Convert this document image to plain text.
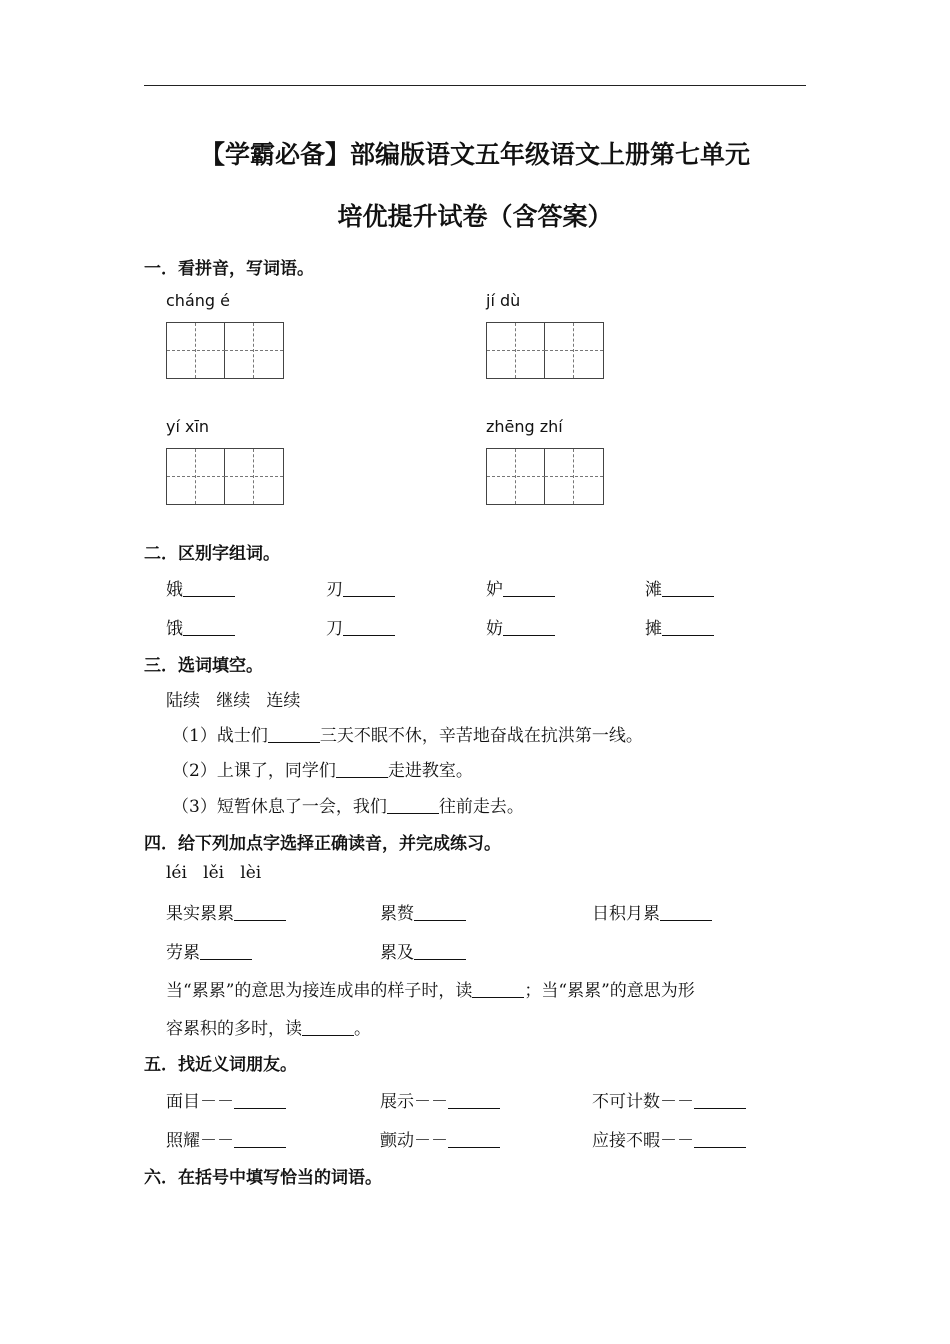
【学霸必备】部编版语文五年级语文上册第七单元
培优提升试卷（含答案）
一．看拼音，写词语。
cháng é	jí dù
yí xīn	zhēng zhí
二．区别字组词。
娥	刃	妒	滩
饿	刀	妨	摊
三．选词填空。
陆续   继续   连续
（1）战士们	三天不眠不休，辛苦地奋战在抗洪第一线。
（2）上课了，同学们	走进教室。
（3）短暂休息了一会，我们	往前走去。
四．给下列加点字选择正确读音，并完成练习。
léi   lěi   lèi
果实累累	累赘	日积月累
劳累	累及
当“累累”的意思为接连成串的样子时，读	；当“累累”的意思为形
容累积的多时，读	。
五．找近义词朋友。
面目－－	展示－－	不可计数－－
照耀－－	颤动－－	应接不暇－－
六．在括号中填写恰当的词语。
